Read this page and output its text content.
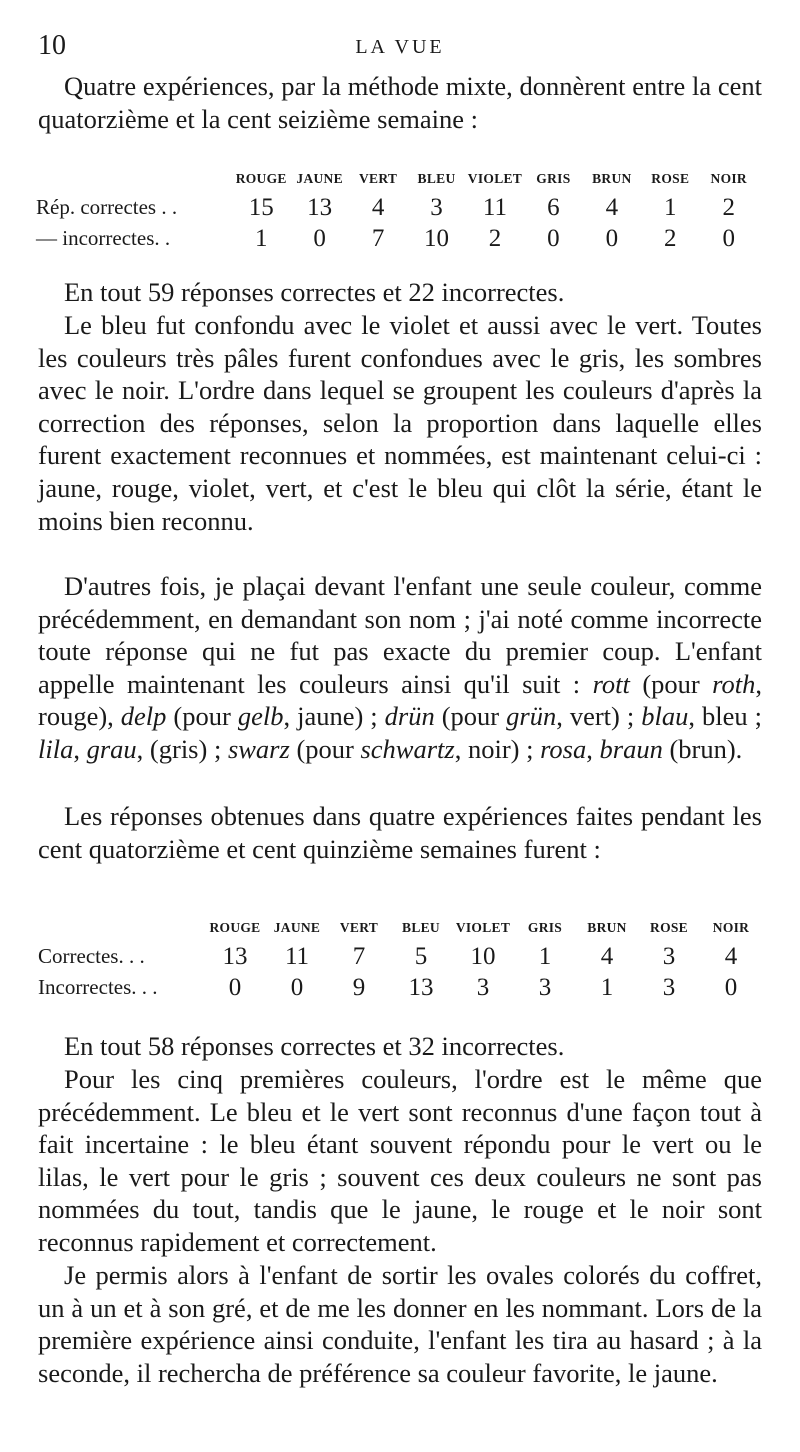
10	LA VUE

Quatre expériences, par la méthode mixte, donnèrent entre la cent quatorzième et la cent seizième semaine :

	ROUGE	JAUNE	VERT	BLEU	VIOLET	GRIS	BRUN	ROSE	NOIR
Rép. correctes . .	15	13	4	3	11	6	4	1	2
— incorrectes. .	1	0	7	10	2	0	0	2	0

En tout 59 réponses correctes et 22 incorrectes.

Le bleu fut confondu avec le violet et aussi avec le vert. Toutes les couleurs très pâles furent confondues avec le gris, les sombres avec le noir. L'ordre dans lequel se groupent les couleurs d'après la correction des réponses, selon la proportion dans laquelle elles furent exactement reconnues et nommées, est maintenant celui-ci : jaune, rouge, violet, vert, et c'est le bleu qui clôt la série, étant le moins bien reconnu.

D'autres fois, je plaçai devant l'enfant une seule couleur, comme précédemment, en demandant son nom ; j'ai noté comme incorrecte toute réponse qui ne fut pas exacte du premier coup. L'enfant appelle maintenant les couleurs ainsi qu'il suit : rott (pour roth, rouge), delp (pour gelb, jaune) ; drün (pour grün, vert) ; blau, bleu ; lila, grau, (gris) ; swarz (pour schwartz, noir) ; rosa, braun (brun).

Les réponses obtenues dans quatre expériences faites pendant les cent quatorzième et cent quinzième semaines furent :

	ROUGE	JAUNE	VERT	BLEU	VIOLET	GRIS	BRUN	ROSE	NOIR
Correctes. . .	13	11	7	5	10	1	4	3	4
Incorrectes. . .	0	0	9	13	3	3	1	3	0

En tout 58 réponses correctes et 32 incorrectes.

Pour les cinq premières couleurs, l'ordre est le même que précédemment. Le bleu et le vert sont reconnus d'une façon tout à fait incertaine : le bleu étant souvent répondu pour le vert ou le lilas, le vert pour le gris ; souvent ces deux couleurs ne sont pas nommées du tout, tandis que le jaune, le rouge et le noir sont reconnus rapidement et correctement.

Je permis alors à l'enfant de sortir les ovales colorés du coffret, un à un et à son gré, et de me les donner en les nommant. Lors de la première expérience ainsi conduite, l'enfant les tira au hasard ; à la seconde, il rechercha de préférence sa couleur favorite, le jaune.
